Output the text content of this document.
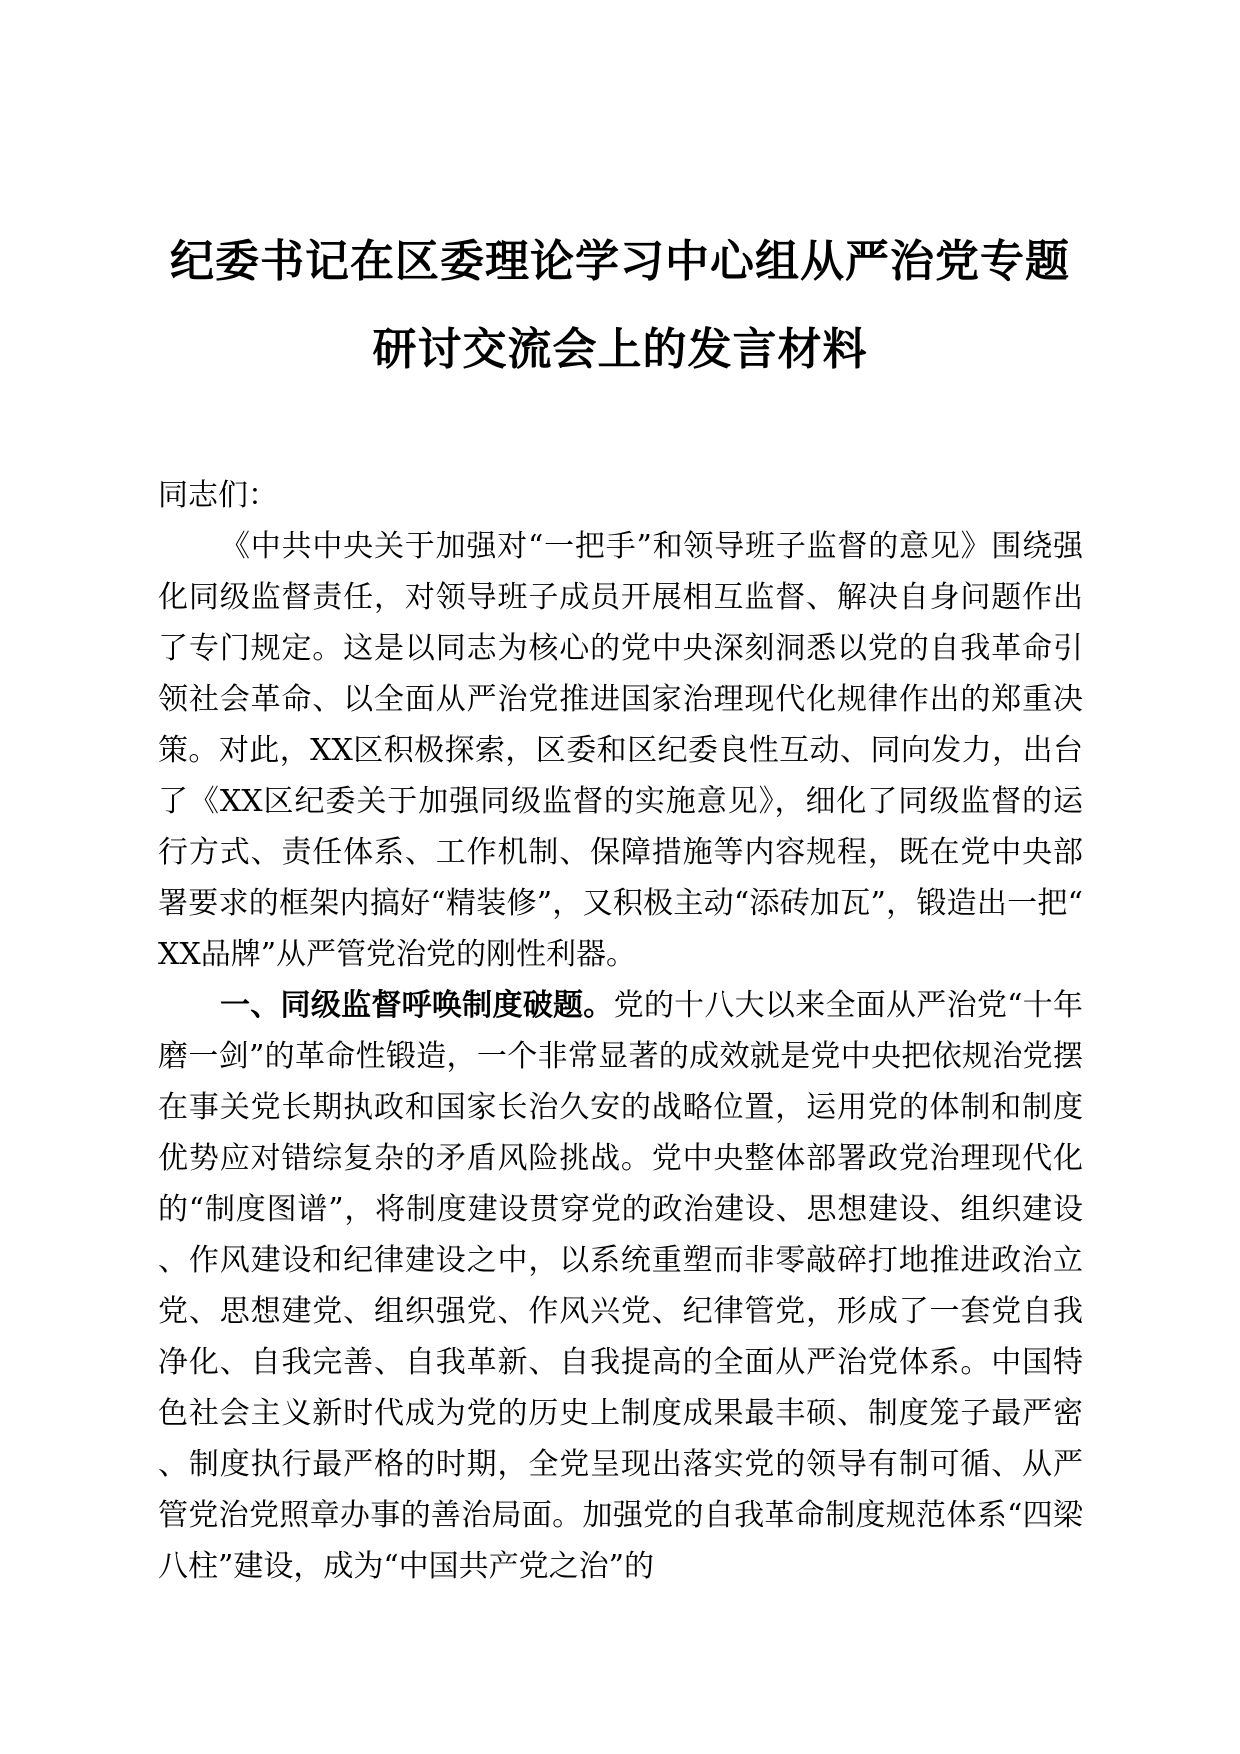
纪委书记在区委理论学习中心组从严治党专题
研讨交流会上的发言材料

同志们：

《中共中央关于加强对“一把手”和领导班子监督的意见》围绕强化同级监督责任，对领导班子成员开展相互监督、解决自身问题作出了专门规定。这是以同志为核心的党中央深刻洞悉以党的自我革命引领社会革命、以全面从严治党推进国家治理现代化规律作出的郑重决策。对此，XX区积极探索，区委和区纪委良性互动、同向发力，出台了《XX区纪委关于加强同级监督的实施意见》，细化了同级监督的运行方式、责任体系、工作机制、保障措施等内容规程，既在党中央部署要求的框架内搞好“精装修”，又积极主动“添砖加瓦”，锻造出一把“XX品牌”从严管党治党的刚性利器。

一、同级监督呼唤制度破题。党的十八大以来全面从严治党“十年磨一剑”的革命性锻造，一个非常显著的成效就是党中央把依规治党摆在事关党长期执政和国家长治久安的战略位置，运用党的体制和制度优势应对错综复杂的矛盾风险挑战。党中央整体部署政党治理现代化的“制度图谱”，将制度建设贯穿党的政治建设、思想建设、组织建设、作风建设和纪律建设之中，以系统重塑而非零敲碎打地推进政治立党、思想建党、组织强党、作风兴党、纪律管党，形成了一套党自我净化、自我完善、自我革新、自我提高的全面从严治党体系。中国特色社会主义新时代成为党的历史上制度成果最丰硕、制度笼子最严密、制度执行最严格的时期，全党呈现出落实党的领导有制可循、从严管党治党照章办事的善治局面。加强党的自我革命制度规范体系“四梁八柱”建设，成为“中国共产党之治”的
